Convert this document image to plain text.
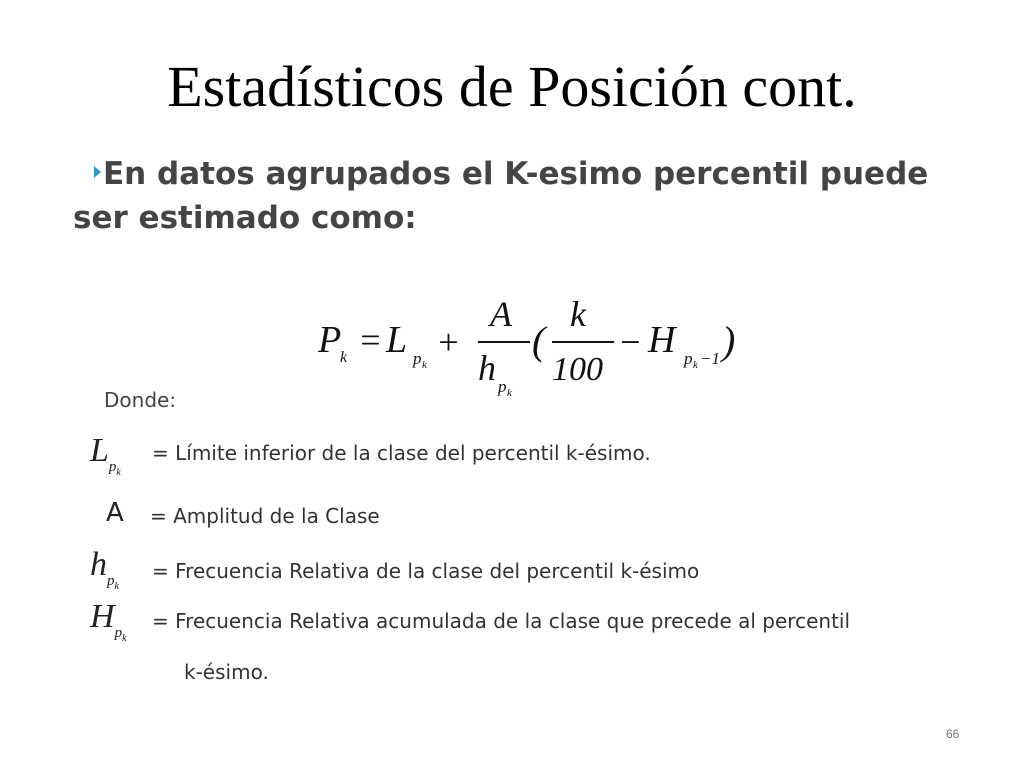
Estadísticos de Posición cont.
En datos agrupados el K-esimo percentil puede
ser estimado como:
P
k = L p k
+
A
h p k
(
k
100
− H p k −1 )
Donde:
$L_{p_k}$
= Límite inferior de la clase del percentil k-ésimo.
A = Amplitud de la Clase
$h_{p_k}$
= Frecuencia Relativa de la clase del percentil k-ésimo
$H_{p_k}$
= Frecuencia Relativa acumulada de la clase que precede al percentil
k-ésimo.
66
